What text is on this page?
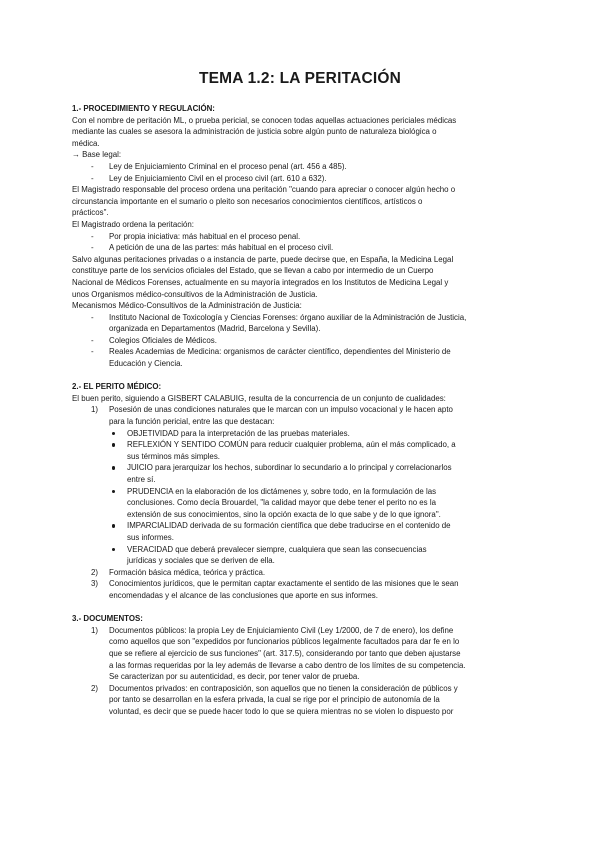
TEMA 1.2: LA PERITACIÓN

1.- PROCEDIMIENTO Y REGULACIÓN:

Con el nombre de peritación ML, o prueba pericial, se conocen todas aquellas actuaciones periciales médicas

mediante las cuales se asesora la administración de justicia sobre algún punto de naturaleza biológica o

médica.

→ Base legal:

- Ley de Enjuiciamiento Criminal en el proceso penal (art. 456 a 485).

- Ley de Enjuiciamiento Civil en el proceso civil (art. 610 a 632).

El Magistrado responsable del proceso ordena una peritación "cuando para apreciar o conocer algún hecho o

circunstancia importante en el sumario o pleito son necesarios conocimientos científicos, artísticos o

prácticos".

El Magistrado ordena la peritación:

- Por propia iniciativa: más habitual en el proceso penal.

- A petición de una de las partes: más habitual en el proceso civil.

Salvo algunas peritaciones privadas o a instancia de parte, puede decirse que, en España, la Medicina Legal

constituye parte de los servicios oficiales del Estado, que se llevan a cabo por intermedio de un Cuerpo

Nacional de Médicos Forenses, actualmente en su mayoría integrados en los Institutos de Medicina Legal y

unos Organismos médico-consultivos de la Administración de Justicia.

Mecanismos Médico-Consultivos de la Administración de Justicia:

- Instituto Nacional de Toxicología y Ciencias Forenses: órgano auxiliar de la Administración de Justicia,

organizada en Departamentos (Madrid, Barcelona y Sevilla).

- Colegios Oficiales de Médicos.

- Reales Academias de Medicina: organismos de carácter científico, dependientes del Ministerio de

Educación y Ciencia.

2.- EL PERITO MÉDICO:

El buen perito, siguiendo a GISBERT CALABUIG, resulta de la concurrencia de un conjunto de cualidades:

1) Posesión de unas condiciones naturales que le marcan con un impulso vocacional y le hacen apto

para la función pericial, entre las que destacan:

OBJETIVIDAD para la interpretación de las pruebas materiales.

REFLEXIÓN Y SENTIDO COMÚN para reducir cualquier problema, aún el más complicado, a

sus términos más simples.

JUICIO para jerarquizar los hechos, subordinar lo secundario a lo principal y correlacionarlos

entre sí.

PRUDENCIA en la elaboración de los dictámenes y, sobre todo, en la formulación de las

conclusiones. Como decía Brouardel, "la calidad mayor que debe tener el perito no es la

extensión de sus conocimientos, sino la opción exacta de lo que sabe y de lo que ignora".

IMPARCIALIDAD derivada de su formación científica que debe traducirse en el contenido de

sus informes.

VERACIDAD que deberá prevalecer siempre, cualquiera que sean las consecuencias

jurídicas y sociales que se deriven de ella.

2) Formación básica médica, teórica y práctica.

3) Conocimientos jurídicos, que le permitan captar exactamente el sentido de las misiones que le sean

encomendadas y el alcance de las conclusiones que aporte en sus informes.

3.- DOCUMENTOS:

1) Documentos públicos: la propia Ley de Enjuiciamiento Civil (Ley 1/2000, de 7 de enero), los define

como aquellos que son "expedidos por funcionarios públicos legalmente facultados para dar fe en lo

que se refiere al ejercicio de sus funciones" (art. 317.5), considerando por tanto que deben ajustarse

a las formas requeridas por la ley además de llevarse a cabo dentro de los límites de su competencia.

Se caracterizan por su autenticidad, es decir, por tener valor de prueba.

2) Documentos privados: en contraposición, son aquellos que no tienen la consideración de públicos y

por tanto se desarrollan en la esfera privada, la cual se rige por el principio de autonomía de la

voluntad, es decir que se puede hacer todo lo que se quiera mientras no se violen lo dispuesto por
